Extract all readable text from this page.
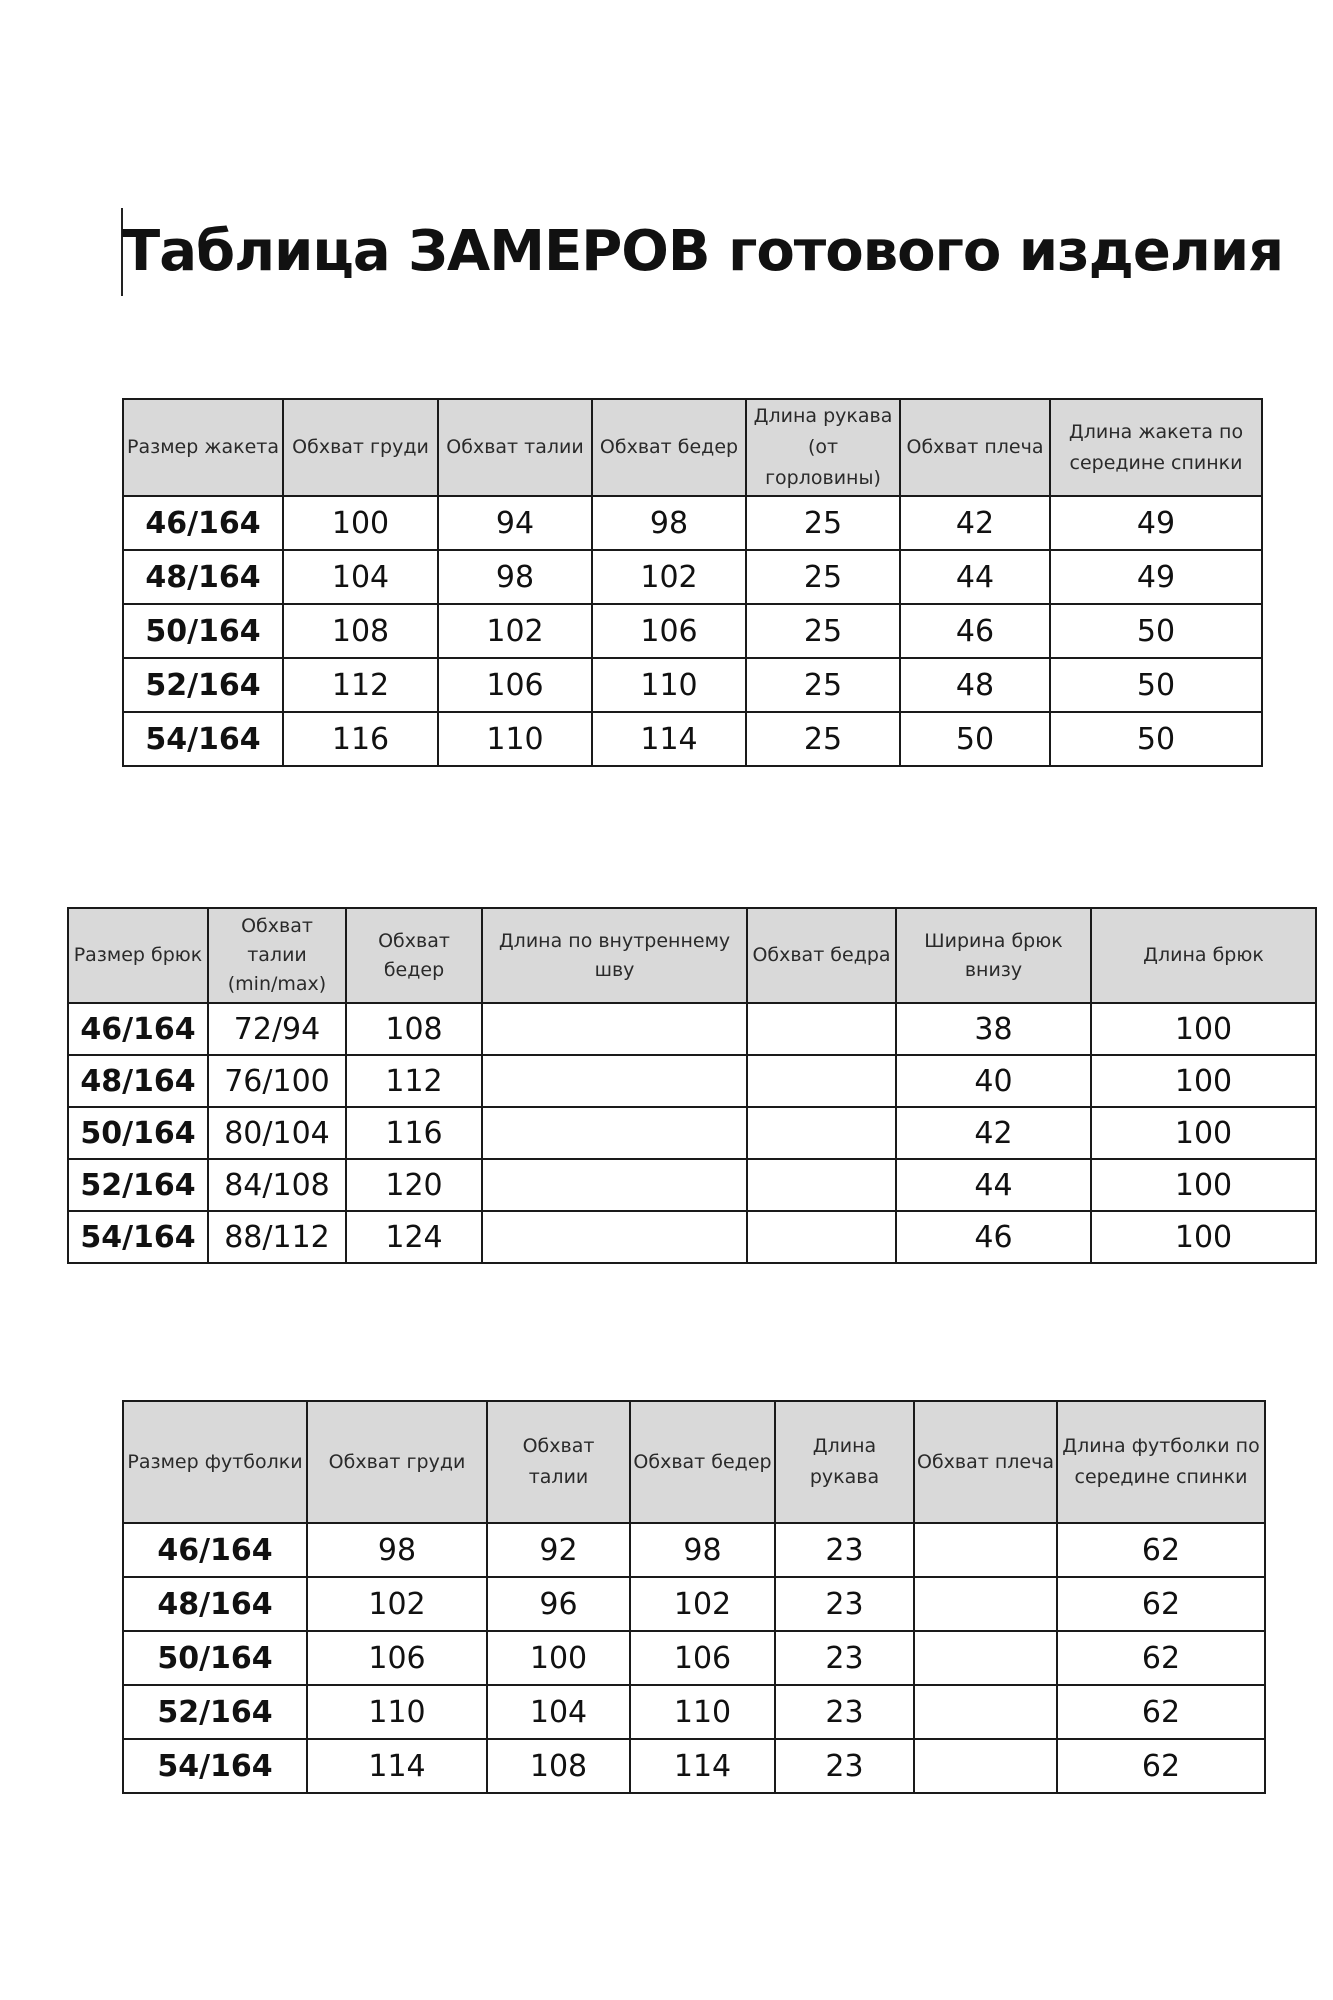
Таблица ЗАМЕРОВ готового изделия
Размер жакета	Обхват груди	Обхват талии	Обхват бедер	Длина рукава (от горловины)	Обхват плеча	Длина жакета по середине спинки

46/164	100	94	98	25	42	49
48/164	104	98	102	25	44	49
50/164	108	102	106	25	46	50
52/164	112	106	110	25	48	50
54/164	116	110	114	25	50	50
Размер брюк	Обхват талии (min/max)	Обхват бедер	Длина по внутреннему шву	Обхват бедра	Ширина брюк внизу	Длина брюк

46/164	72/94	108			38	100
48/164	76/100	112			40	100
50/164	80/104	116			42	100
52/164	84/108	120			44	100
54/164	88/112	124			46	100
Размер футболки	Обхват груди	Обхват талии	Обхват бедер	Длина рукава	Обхват плеча	Длина футболки по середине спинки

46/164	98	92	98	23		62
48/164	102	96	102	23		62
50/164	106	100	106	23		62
52/164	110	104	110	23		62
54/164	114	108	114	23		62
